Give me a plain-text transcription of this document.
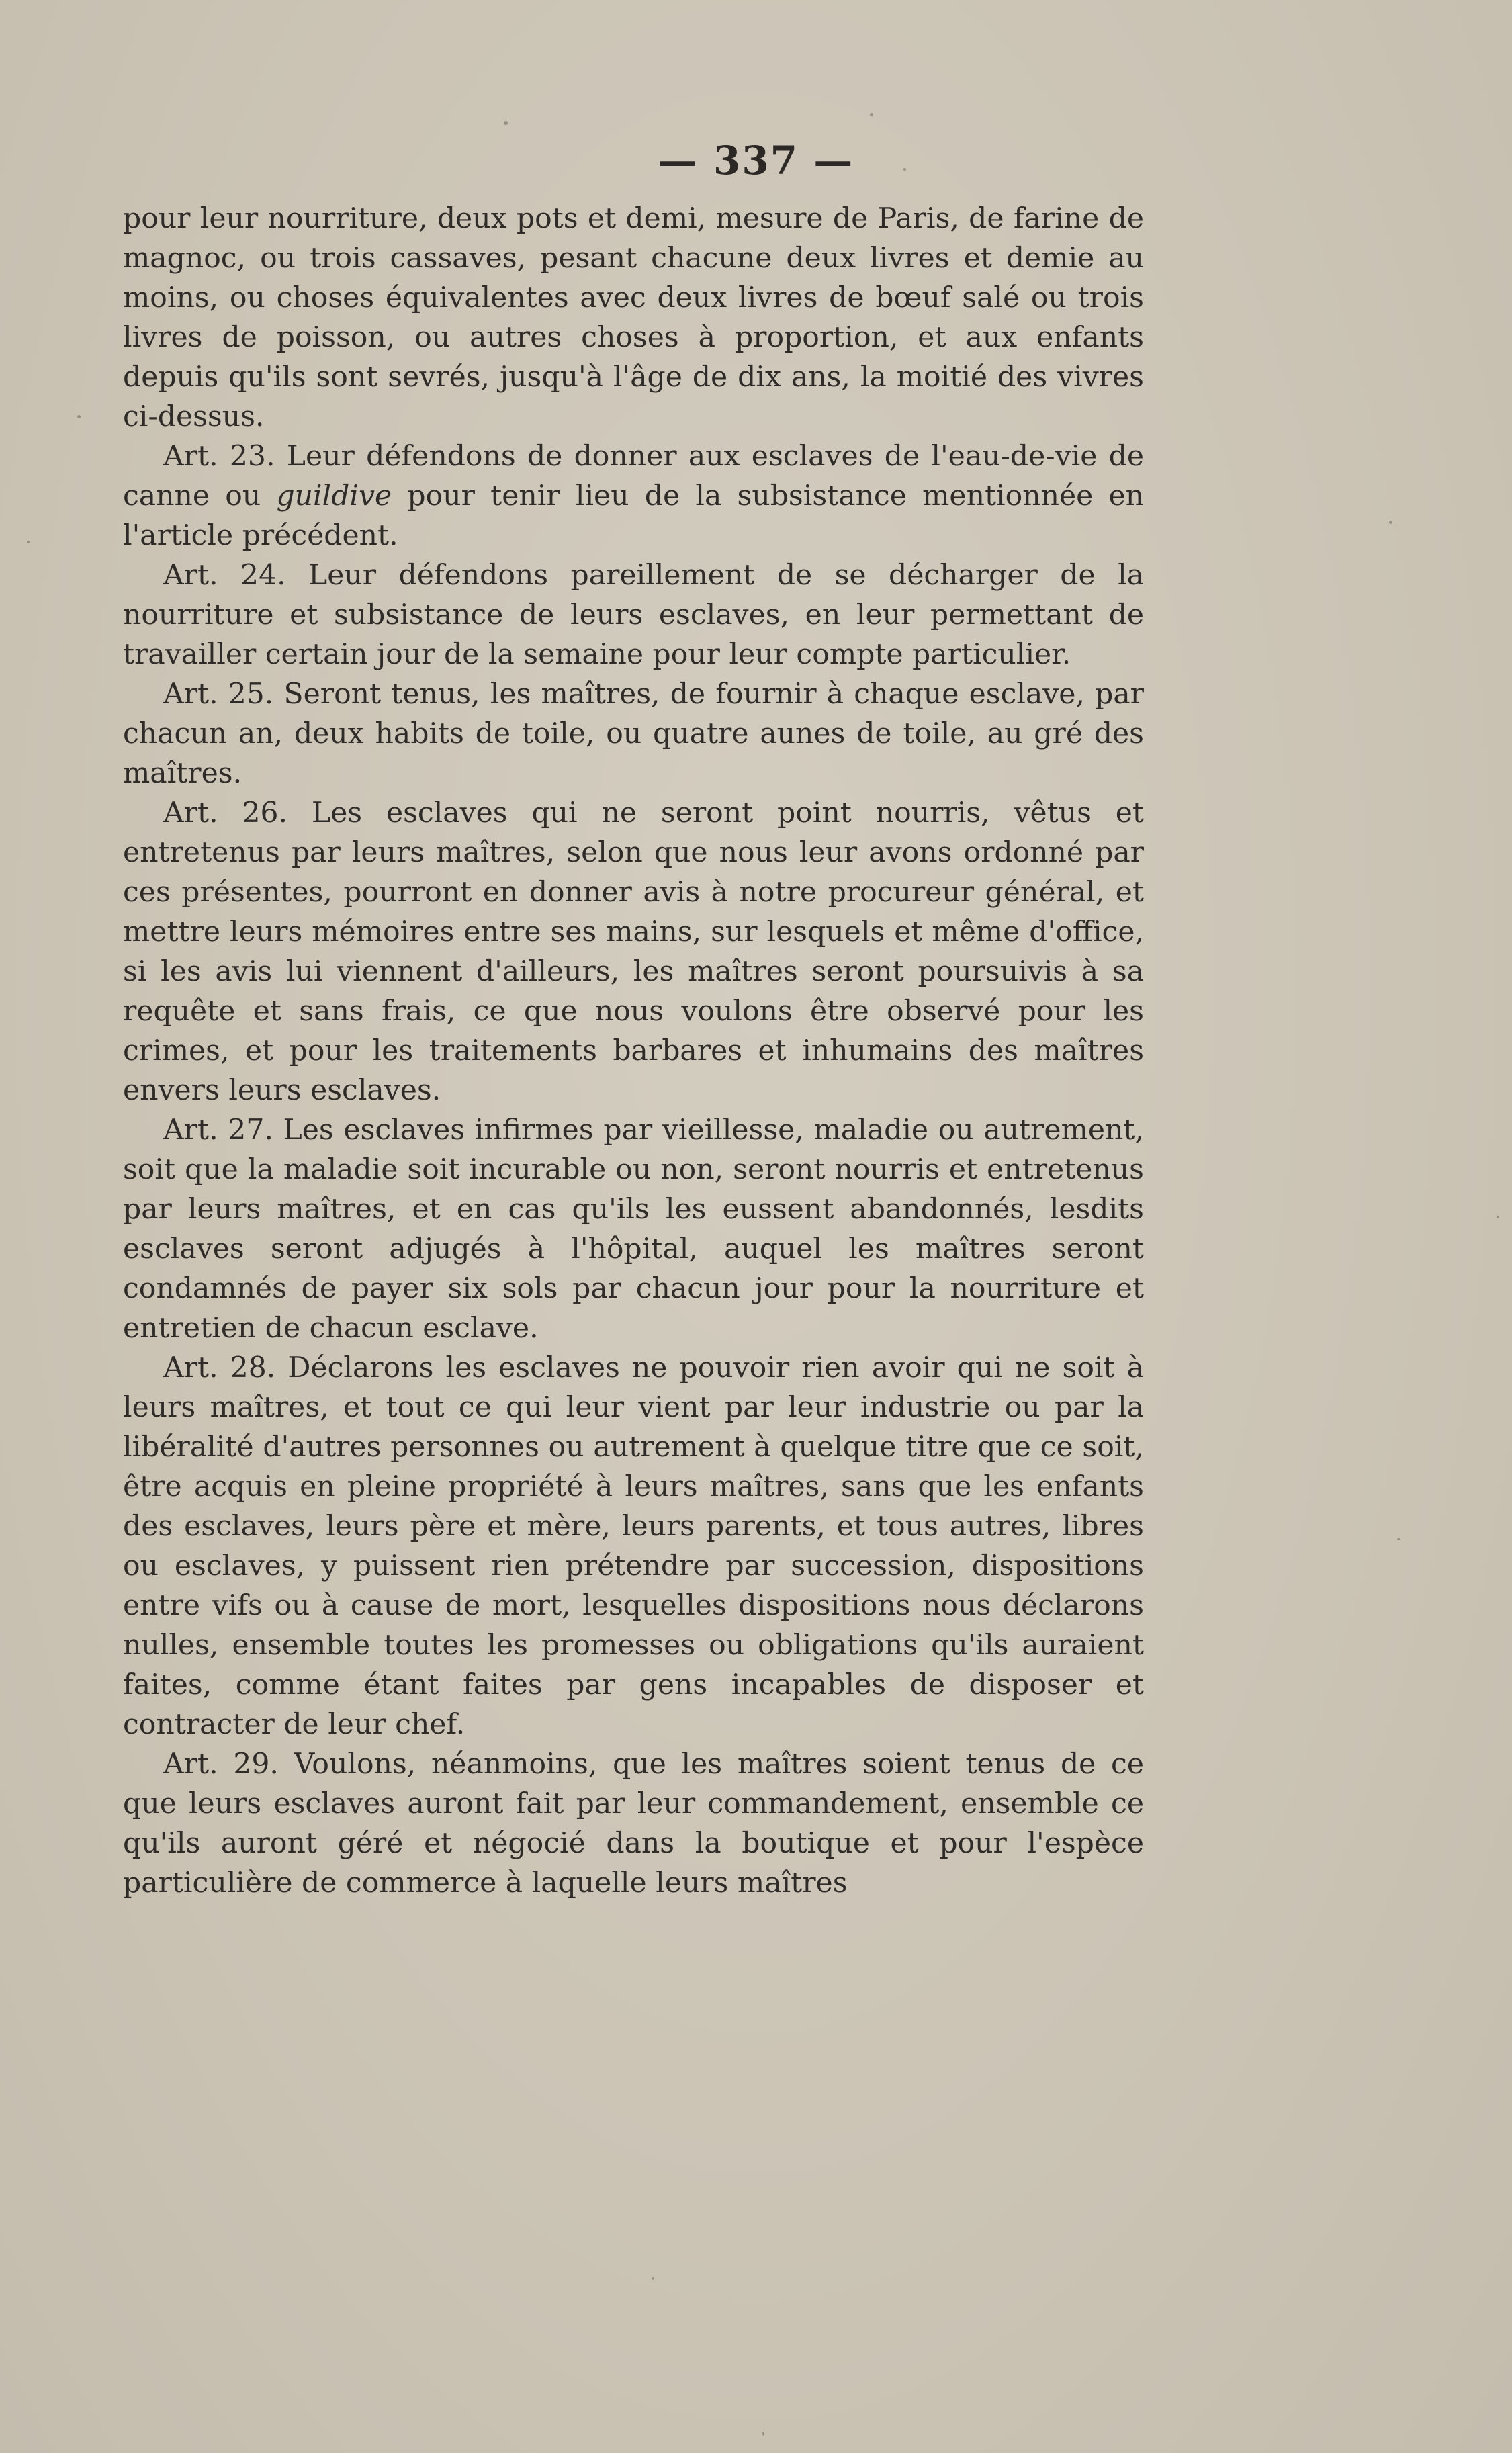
— 337 —

pour leur nourriture, deux pots et demi, mesure de Paris, de farine de magnoc, ou trois cassaves, pesant chacune deux livres et demie au moins, ou choses équivalentes avec deux livres de bœuf salé ou trois livres de poisson, ou autres choses à proportion, et aux enfants depuis qu'ils sont sevrés, jusqu'à l'âge de dix ans, la moitié des vivres ci-dessus.

Art. 23. Leur défendons de donner aux esclaves de l'eau-de-vie de canne ou guildive pour tenir lieu de la subsistance mentionnée en l'article précédent.

Art. 24. Leur défendons pareillement de se décharger de la nourriture et subsistance de leurs esclaves, en leur permettant de travailler certain jour de la semaine pour leur compte particulier.

Art. 25. Seront tenus, les maîtres, de fournir à chaque esclave, par chacun an, deux habits de toile, ou quatre aunes de toile, au gré des maîtres.

Art. 26. Les esclaves qui ne seront point nourris, vêtus et entretenus par leurs maîtres, selon que nous leur avons ordonné par ces présentes, pourront en donner avis à notre procureur général, et mettre leurs mémoires entre ses mains, sur lesquels et même d'office, si les avis lui viennent d'ailleurs, les maîtres seront poursuivis à sa requête et sans frais, ce que nous voulons être observé pour les crimes, et pour les traitements barbares et inhumains des maîtres envers leurs esclaves.

Art. 27. Les esclaves infirmes par vieillesse, maladie ou autrement, soit que la maladie soit incurable ou non, seront nourris et entretenus par leurs maîtres, et en cas qu'ils les eussent abandonnés, lesdits esclaves seront adjugés à l'hôpital, auquel les maîtres seront condamnés de payer six sols par chacun jour pour la nourriture et entretien de chacun esclave.

Art. 28. Déclarons les esclaves ne pouvoir rien avoir qui ne soit à leurs maîtres, et tout ce qui leur vient par leur industrie ou par la libéralité d'autres personnes ou autrement à quelque titre que ce soit, être acquis en pleine propriété à leurs maîtres, sans que les enfants des esclaves, leurs père et mère, leurs parents, et tous autres, libres ou esclaves, y puissent rien prétendre par succession, dispositions entre vifs ou à cause de mort, lesquelles dispositions nous déclarons nulles, ensemble toutes les promesses ou obligations qu'ils auraient faites, comme étant faites par gens incapables de disposer et contracter de leur chef.

Art. 29. Voulons, néanmoins, que les maîtres soient tenus de ce que leurs esclaves auront fait par leur commandement, ensemble ce qu'ils auront géré et négocié dans la boutique et pour l'espèce particulière de commerce à laquelle leurs maîtres
